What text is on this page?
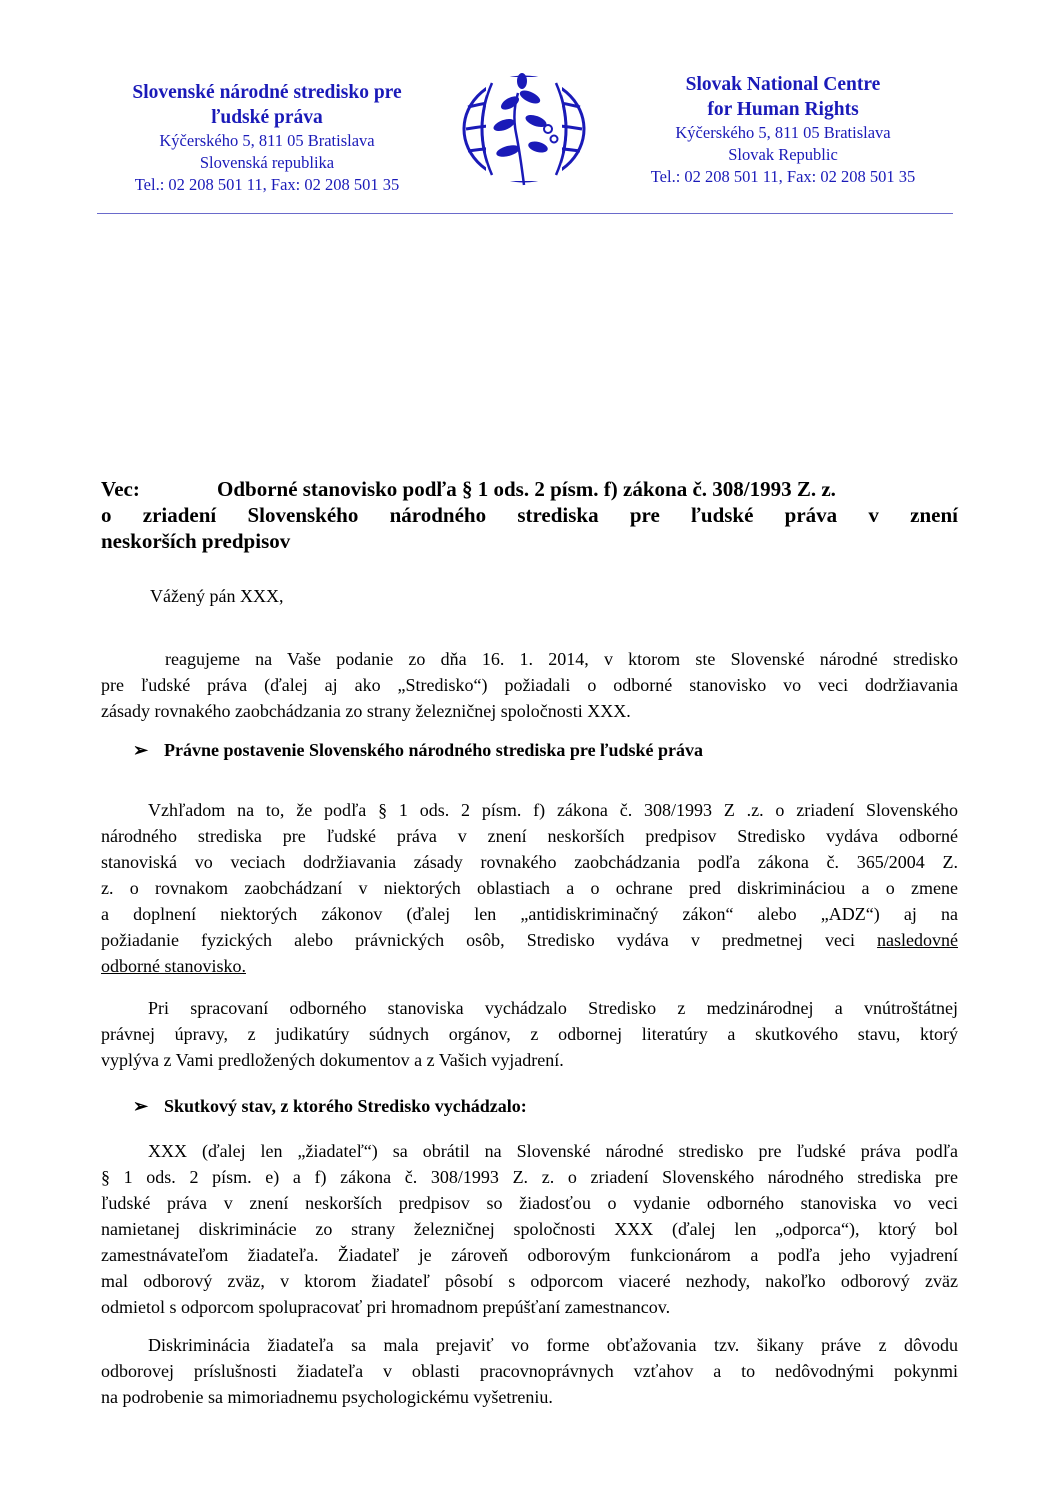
Slovenské národné stredisko pre
ľudské práva
Kýčerského 5, 811 05 Bratislava
Slovenská republika
Tel.: 02 208 501 11, Fax: 02 208 501 35
Slovak National Centre
for Human Rights
Kýčerského 5, 811 05 Bratislava
Slovak Republic
Tel.: 02 208 501 11, Fax: 02 208 501 35
Vec:	Odborné stanovisko podľa § 1 ods. 2 písm. f) zákona č. 308/1993 Z. z.
o zriadení Slovenského národného strediska pre ľudské práva v znení
neskorších predpisov
Vážený pán XXX,
reagujeme na Vaše podanie zo dňa 16. 1. 2014, v ktorom ste Slovenské národné stredisko
pre ľudské práva (ďalej aj ako „Stredisko“) požiadali o odborné stanovisko vo veci dodržiavania
zásady rovnakého zaobchádzania zo strany železničnej spoločnosti XXX.
➢ Právne postavenie Slovenského národného strediska pre ľudské práva
Vzhľadom na to, že podľa § 1 ods. 2 písm. f) zákona č. 308/1993 Z .z. o zriadení Slovenského
národného strediska pre ľudské práva v znení neskorších predpisov Stredisko vydáva odborné
stanoviská vo veciach dodržiavania zásady rovnakého zaobchádzania podľa zákona č. 365/2004 Z.
z. o rovnakom zaobchádzaní v niektorých oblastiach a o ochrane pred diskrimináciou a o zmene
a doplnení niektorých zákonov (ďalej len „antidiskriminačný zákon“ alebo „ADZ“) aj na
požiadanie fyzických alebo právnických osôb, Stredisko vydáva v predmetnej veci nasledovné
odborné stanovisko.
Pri spracovaní odborného stanoviska vychádzalo Stredisko z medzinárodnej a vnútroštátnej
právnej úpravy, z judikatúry súdnych orgánov, z odbornej literatúry a skutkového stavu, ktorý
vyplýva z Vami predložených dokumentov a z Vašich vyjadrení.
➢ Skutkový stav, z ktorého Stredisko vychádzalo:
XXX (ďalej len „žiadateľ“) sa obrátil na Slovenské národné stredisko pre ľudské práva podľa
§ 1 ods. 2 písm. e) a f) zákona č. 308/1993 Z. z. o zriadení Slovenského národného strediska pre
ľudské práva v znení neskorších predpisov so žiadosťou o vydanie odborného stanoviska vo veci
namietanej diskriminácie zo strany železničnej spoločnosti XXX (ďalej len „odporca“), ktorý bol
zamestnávateľom žiadateľa. Žiadateľ je zároveň odborovým funkcionárom a podľa jeho vyjadrení
mal odborový zväz, v ktorom žiadateľ pôsobí s odporcom viaceré nezhody, nakoľko odborový zväz
odmietol s odporcom spolupracovať pri hromadnom prepúšťaní zamestnancov.
Diskriminácia žiadateľa sa mala prejaviť vo forme obťažovania tzv. šikany práve z dôvodu
odborovej príslušnosti žiadateľa v oblasti pracovnoprávnych vzťahov a to nedôvodnými pokynmi
na podrobenie sa mimoriadnemu psychologickému vyšetreniu.
